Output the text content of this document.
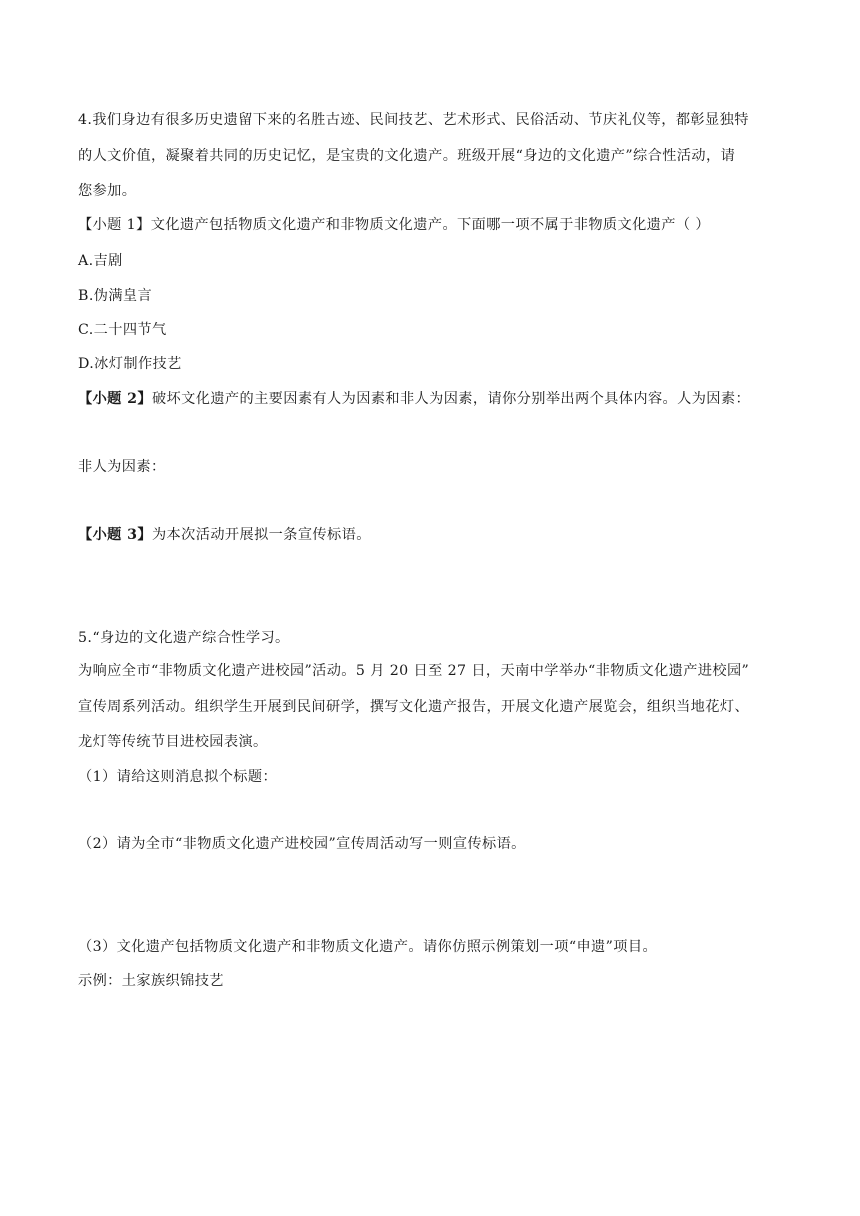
4.我们身边有很多历史遗留下来的名胜古迹、民间技艺、艺术形式、民俗活动、节庆礼仪等，都彰显独特
的人文价值，凝聚着共同的历史记忆，是宝贵的文化遗产。班级开展“身边的文化遗产”综合性活动，请
您参加。
【小题 1】文化遗产包括物质文化遗产和非物质文化遗产。下面哪一项不属于非物质文化遗产（ ）
A.吉剧
B.伪满皇言
C.二十四节气
D.冰灯制作技艺
【小题 2】破坏文化遗产的主要因素有人为因素和非人为因素，请你分别举出两个具体内容。人为因素：
非人为因素：
【小题 3】为本次活动开展拟一条宣传标语。
5.“身边的文化遗产综合性学习。
为响应全市“非物质文化遗产进校园”活动。5 月 20 日至 27 日，天南中学举办“非物质文化遗产进校园”
宣传周系列活动。组织学生开展到民间研学，撰写文化遗产报告，开展文化遗产展览会，组织当地花灯、
龙灯等传统节目进校园表演。
（1）请给这则消息拟个标题：
（2）请为全市“非物质文化遗产进校园”宣传周活动写一则宣传标语。
（3）文化遗产包括物质文化遗产和非物质文化遗产。请你仿照示例策划一项“申遗”项目。
示例：土家族织锦技艺
